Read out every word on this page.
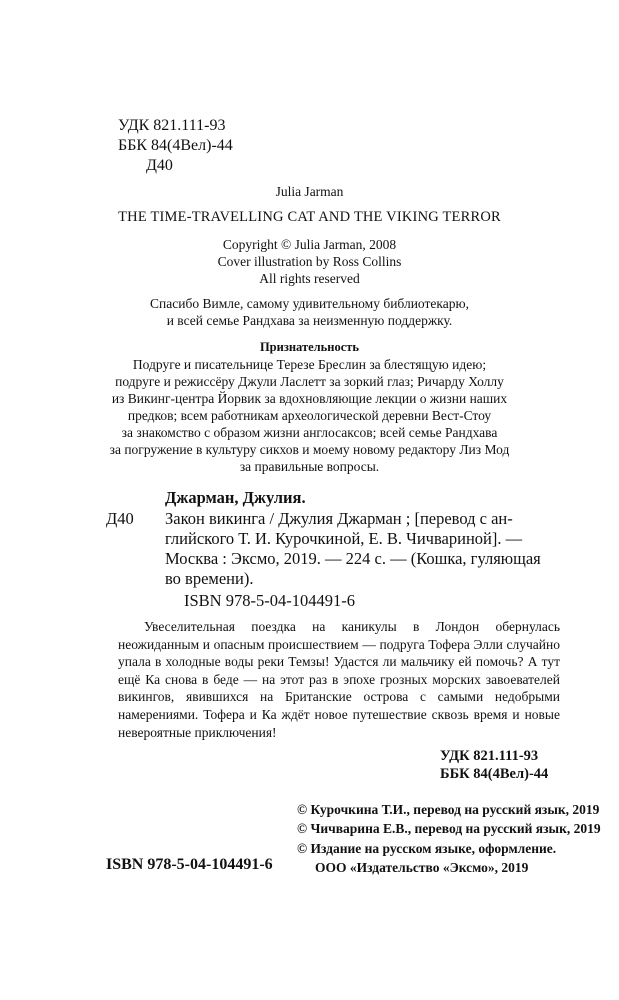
УДК 821.111-93
ББК 84(4Вел)-44
Д40
Julia Jarman
THE TIME-TRAVELLING CAT AND THE VIKING TERROR
Copyright © Julia Jarman, 2008
Cover illustration by Ross Collins
All rights reserved
Спасибо Вимле, самому удивительному библиотекарю,
и всей семье Рандхава за неизменную поддержку.
Признательность
Подруге и писательнице Терезе Бреслин за блестящую идею;
подруге и режиссёру Джули Ласлетт за зоркий глаз; Ричарду Холлу
из Викинг-центра Йорвик за вдохновляющие лекции о жизни наших
предков; всем работникам археологической деревни Вест-Стоу
за знакомство с образом жизни англосаксов; всей семье Рандхава
за погружение в культуру сикхов и моему новому редактору Лиз Мод
за правильные вопросы.
Джарман, Джулия.
Д40 Закон викинга / Джулия Джарман ; [перевод с ан-
глийского Т. И. Курочкиной, Е. В. Чичвариной]. —
Москва : Эксмо, 2019. — 224 с. — (Кошка, гуляющая
во времени).
ISBN 978-5-04-104491-6
Увеселительная поездка на каникулы в Лондон обернулась неожиданным и опасным происшествием — подруга Тофера Элли случайно упала в холодные воды реки Темзы! Удастся ли мальчику ей помочь? А тут ещё Ка снова в беде — на этот раз в эпохе грозных морских завоевателей викингов, явившихся на Британские острова с самыми недобрыми намерениями. Тофера и Ка ждёт новое путешествие сквозь время и новые невероятные приключения!
УДК 821.111-93
ББК 84(4Вел)-44
© Курочкина Т.И., перевод на русский язык, 2019
© Чичварина Е.В., перевод на русский язык, 2019
© Издание на русском языке, оформление.
ООО «Издательство «Эксмо», 2019
ISBN 978-5-04-104491-6
